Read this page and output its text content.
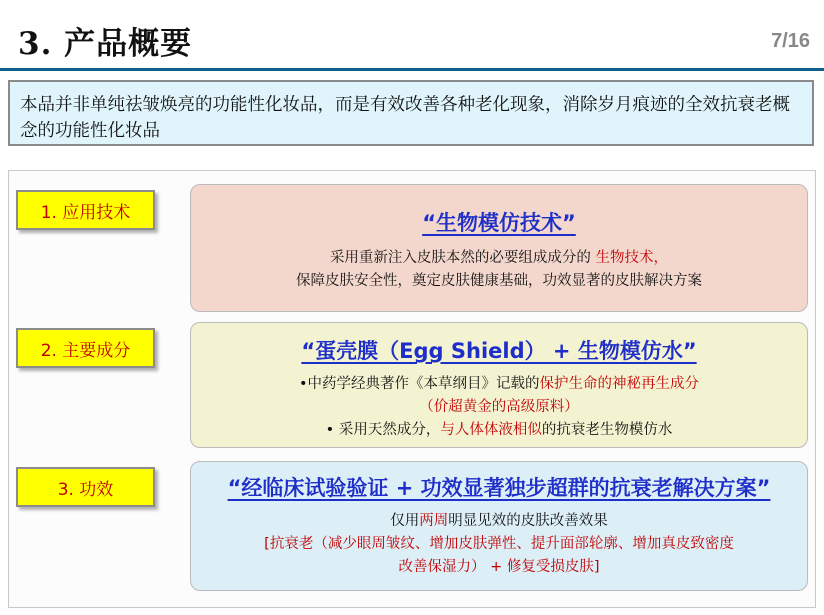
3. 产品概要	7/16
本品并非单纯祛皱焕亮的功能性化妆品，而是有效改善各种老化现象，消除岁月痕迹的全效抗衰老概念的功能性化妆品
1. 应用技术	“生物模仿技术”
采用重新注入皮肤本然的必要组成成分的 生物技术，
保障皮肤安全性，奠定皮肤健康基础，功效显著的皮肤解决方案
2. 主要成分	“蛋壳膜（Egg Shield） + 生物模仿水”
•中药学经典著作《本草纲目》记载的保护生命的神秘再生成分
（价超黄金的高级原料）
• 采用天然成分，与人体体液相似的抗衰老生物模仿水
3. 功效	“经临床试验验证 + 功效显著独步超群的抗衰老解决方案”
仅用两周明显见效的皮肤改善效果
[抗衰老（减少眼周皱纹、增加皮肤弹性、提升面部轮廓、增加真皮致密度
改善保湿力） + 修复受损皮肤]
